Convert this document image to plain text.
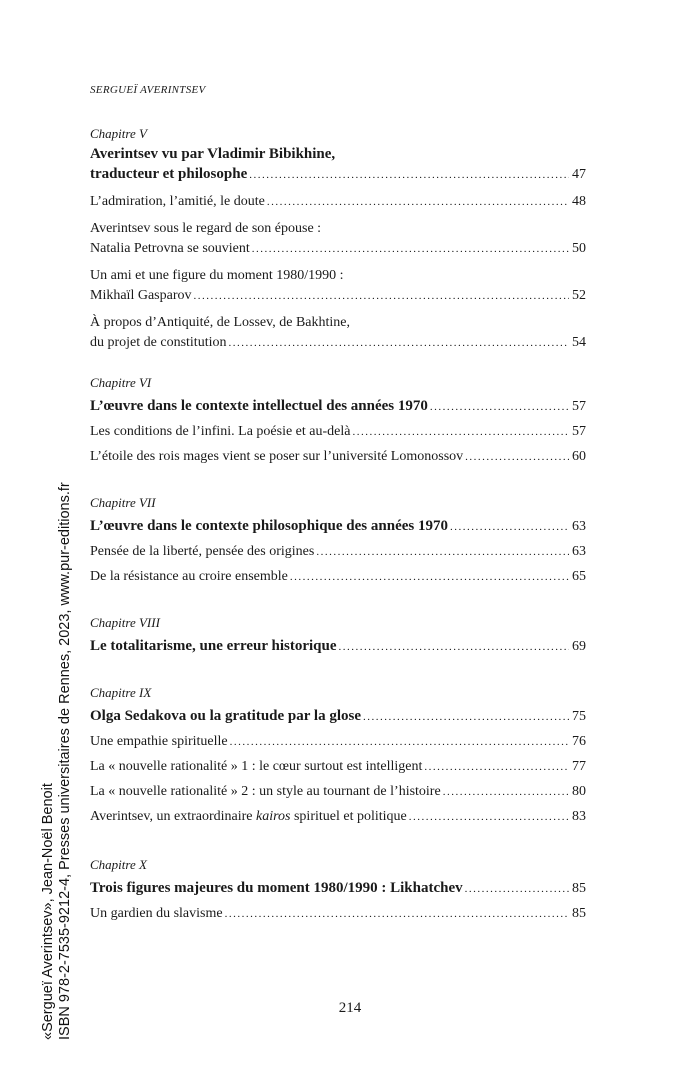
SERGUEÏ AVERINTSEV
Chapitre V
Averintsev vu par Vladimir Bibikhine,
traducteur et philosophe .....	47
L’admiration, l’amitié, le doute .....	48
Averintsev sous le regard de son épouse :
Natalia Petrovna se souvient .....	50
Un ami et une figure du moment 1980/1990 :
Mikhaïl Gasparov .....	52
À propos d’Antiquité, de Lossev, de Bakhtine,
du projet de constitution .....	54
Chapitre VI
L’œuvre dans le contexte intellectuel des années 1970 .....	57
Les conditions de l’infini. La poésie et au-delà .....	57
L’étoile des rois mages vient se poser sur l’université Lomonossov .....	60
Chapitre VII
L’œuvre dans le contexte philosophique des années 1970 .....	63
Pensée de la liberté, pensée des origines .....	63
De la résistance au croire ensemble .....	65
Chapitre VIII
Le totalitarisme, une erreur historique .....	69
Chapitre IX
Olga Sedakova ou la gratitude par la glose .....	75
Une empathie spirituelle .....	76
La « nouvelle rationalité » 1 : le cœur surtout est intelligent .....	77
La « nouvelle rationalité » 2 : un style au tournant de l’histoire .....	80
Averintsev, un extraordinaire kairos spirituel et politique .....	83
Chapitre X
Trois figures majeures du moment 1980/1990 : Likhatchev .....	85
Un gardien du slavisme .....	85
214
«Sergueï Averintsev», Jean-Noël Benoit ISBN 978-2-7535-9212-4, Presses universitaires de Rennes, 2023, www.pur-editions.fr
